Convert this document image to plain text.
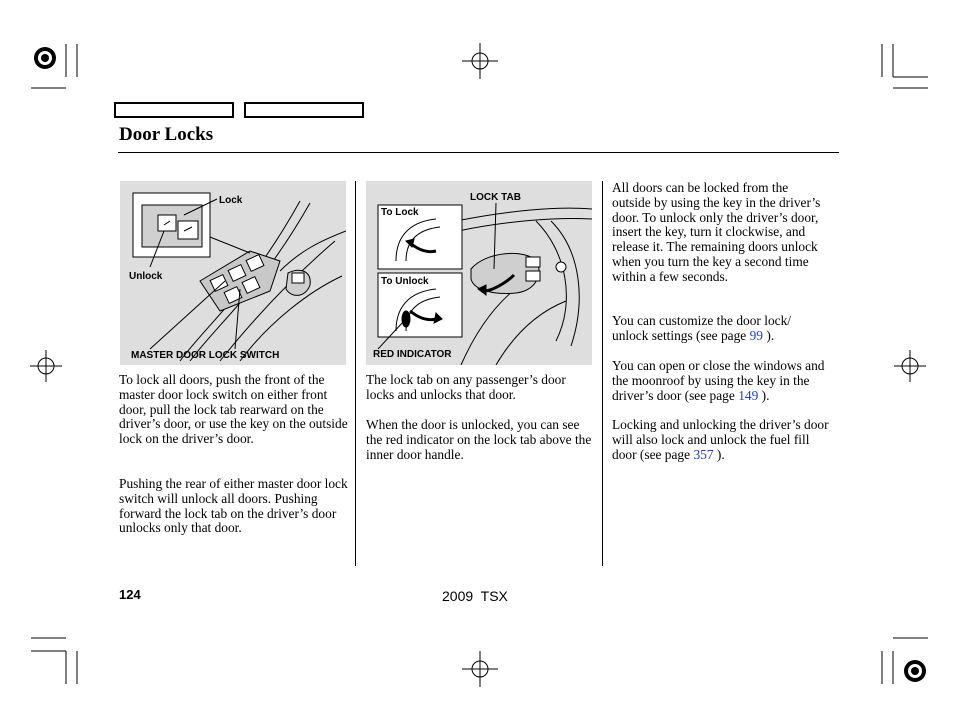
Door Locks
Lock
Unlock
MASTER DOOR LOCK SWITCH
LOCK TAB
To Lock
To Unlock
RED INDICATOR

To lock all doors, push the front of the master door lock switch on either front door, pull the lock tab rearward on the driver’s door, or use the key on the outside lock on the driver’s door.

Pushing the rear of either master door lock switch will unlock all doors. Pushing forward the lock tab on the driver’s door unlocks only that door.

The lock tab on any passenger’s door locks and unlocks that door.

When the door is unlocked, you can see the red indicator on the lock tab above the inner door handle.

All doors can be locked from the outside by using the key in the driver’s door. To unlock only the driver’s door, insert the key, turn it clockwise, and release it. The remaining doors unlock when you turn the key a second time within a few seconds.

You can customize the door lock/ unlock settings (see page 99 ).

You can open or close the windows and the moonroof by using the key in the driver’s door (see page 149 ).

Locking and unlocking the driver’s door will also lock and unlock the fuel fill door (see page 357 ).

124	2009  TSX
